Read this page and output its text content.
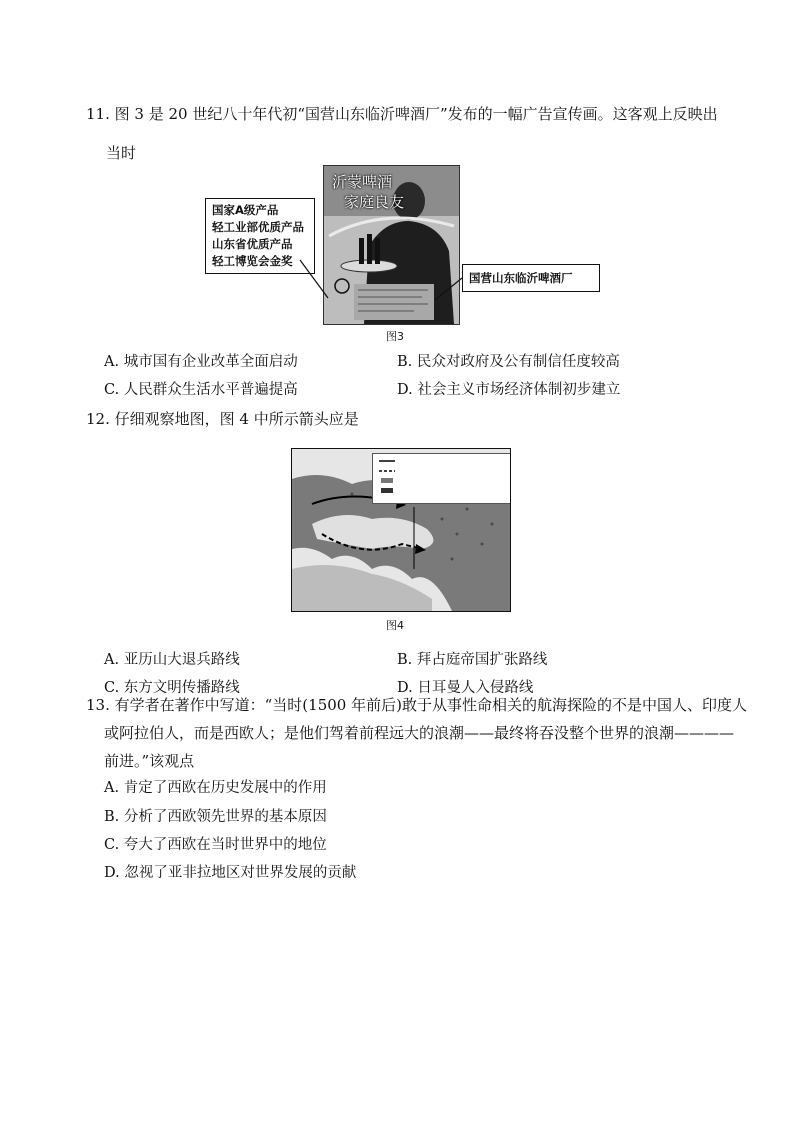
11. 图 3 是 20 世纪八十年代初“国营山东临沂啤酒厂”发布的一幅广告宣传画。这客观上反映出
当时
沂蒙啤酒
家庭良友
国家A级产品
轻工业部优质产品
山东省优质产品
轻工博览会金奖
国营山东临沂啤酒厂
图3
A. 城市国有企业改革全面启动	B. 民众对政府及公有制信任度较高
C. 人民群众生活水平普遍提高	D. 社会主义市场经济体制初步建立
12. 仔细观察地图，图 4 中所示箭头应是
图4
A. 亚历山大退兵路线	B. 拜占庭帝国扩张路线
C. 东方文明传播路线	D. 日耳曼人入侵路线
13. 有学者在著作中写道：“当时(1500 年前后)敢于从事性命相关的航海探险的不是中国人、印度人
或阿拉伯人，而是西欧人；是他们驾着前程远大的浪潮——最终将吞没整个世界的浪潮————
前进。”该观点
A. 肯定了西欧在历史发展中的作用
B. 分析了西欧领先世界的基本原因
C. 夸大了西欧在当时世界中的地位
D. 忽视了亚非拉地区对世界发展的贡献
